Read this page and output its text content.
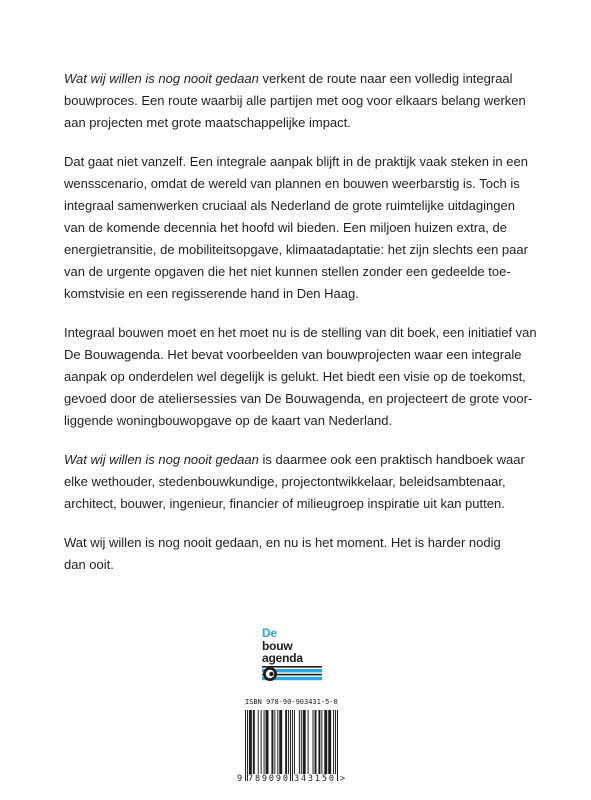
Wat wij willen is nog nooit gedaan verkent de route naar een volledig integraal
bouwproces. Een route waarbij alle partijen met oog voor elkaars belang werken
aan projecten met grote maatschappelijke impact.
Dat gaat niet vanzelf. Een integrale aanpak blijft in de praktijk vaak steken in een
wensscenario, omdat de wereld van plannen en bouwen weerbarstig is. Toch is
integraal samenwerken cruciaal als Nederland de grote ruimtelijke uitdagingen
van de komende decennia het hoofd wil bieden. Een miljoen huizen extra, de
energietransitie, de mobiliteitsopgave, klimaatadaptatie: het zijn slechts een paar
van de urgente opgaven die het niet kunnen stellen zonder een gedeelde toe-
komstvisie en een regisserende hand in Den Haag.
Integraal bouwen moet en het moet nu is de stelling van dit boek, een initiatief van
De Bouwagenda. Het bevat voorbeelden van bouwprojecten waar een integrale
aanpak op onderdelen wel degelijk is gelukt. Het biedt een visie op de toekomst,
gevoed door de ateliersessies van De Bouwagenda, en projecteert de grote voor-
liggende woningbouwopgave op de kaart van Nederland.
Wat wij willen is nog nooit gedaan is daarmee ook een praktisch handboek waar
elke wethouder, stedenbouwkundige, projectontwikkelaar, beleidsambtenaar,
architect, bouwer, ingenieur, financier of milieugroep inspiratie uit kan putten.
Wat wij willen is nog nooit gedaan, en nu is het moment. Het is harder nodig
dan ooit.
De
bouw
agenda
ISBN 978-90-903431-5-0
9 789090 343150 >
